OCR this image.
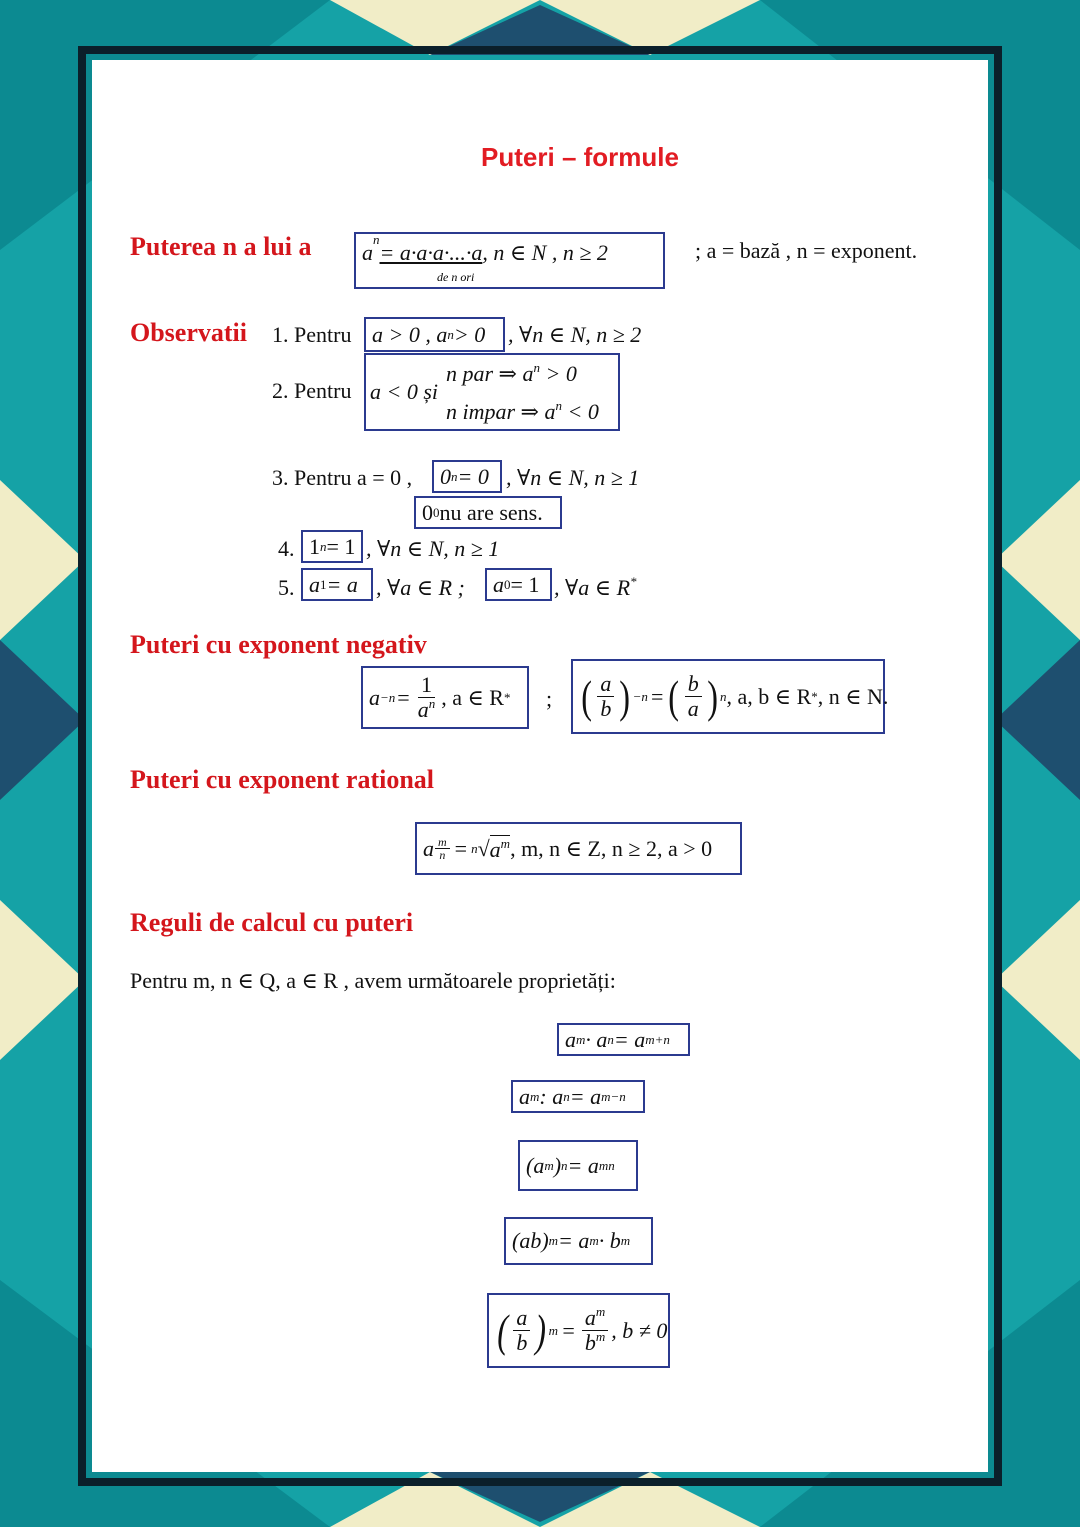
Puteri – formule
Puterea n a lui a a
n
= a·a·a·...·a , n ∈ N , n ≥ 2
de n ori
; a = bază , n = exponent.
Observatii 1. Pentru a > 0 , a n > 0 , ∀n ∈ N, n ≥ 2
2. Pentru a < 0 și
n par ⇒ $a^n > 0$
n impar ⇒ $a^n < 0$
3. Pentru a = 0 , 0 n = 0 , ∀n ∈ N, n ≥ 1
0 0 nu are sens.
4. 1 n = 1 , ∀n ∈ N, n ≥ 1
5. a 1 = a , ∀a ∈ R ; a 0 = 1 , ∀a ∈ R*
Puteri cu exponent negativ
$a -n = \frac{1}{a^n}$ , a ∈ R * ; ( $\frac{a}{b}$ ) −n = ( $\frac{b}{a}$ ) n , a, b ∈ R * , n ∈ N.
Puteri cu exponent rational
a $\frac{m}{n} = n$ √ $a^m$ , m, n ∈ Z, n ≥ 2, a > 0
Reguli de calcul cu puteri
Pentru m, n ∈ Q, a ∈ R , avem următoarele proprietăți:
a m · a n = a m+n
a m : a n = a m−n
(a m ) n = a mn
(ab) m = a m · b m
( $\frac{a}{b}$ ) $m = \frac{a^m}{b^m}$ , b ≠ 0
